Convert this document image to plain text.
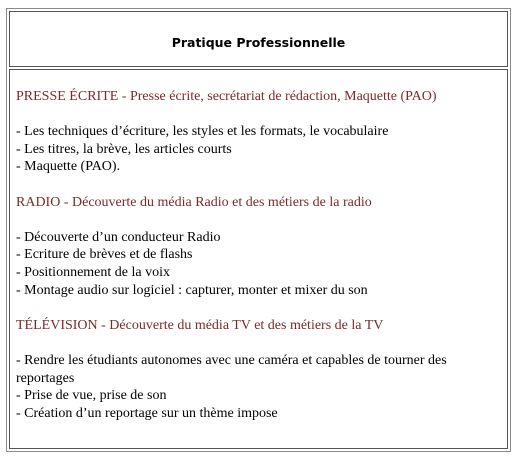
Pratique Professionnelle
PRESSE ÉCRITE - Presse écrite, secrétariat de rédaction, Maquette (PAO)
- Les techniques d’écriture, les styles et les formats, le vocabulaire
- Les titres, la brève, les articles courts
- Maquette (PAO).
RADIO - Découverte du média Radio et des métiers de la radio
- Découverte d’un conducteur Radio
- Ecriture de brèves et de flashs
- Positionnement de la voix
- Montage audio sur logiciel : capturer, monter et mixer du son
TÉLÉVISION - Découverte du média TV et des métiers de la TV
- Rendre les étudiants autonomes avec une caméra et capables de tourner des reportages
- Prise de vue, prise de son
- Création d’un reportage sur un thème impose
